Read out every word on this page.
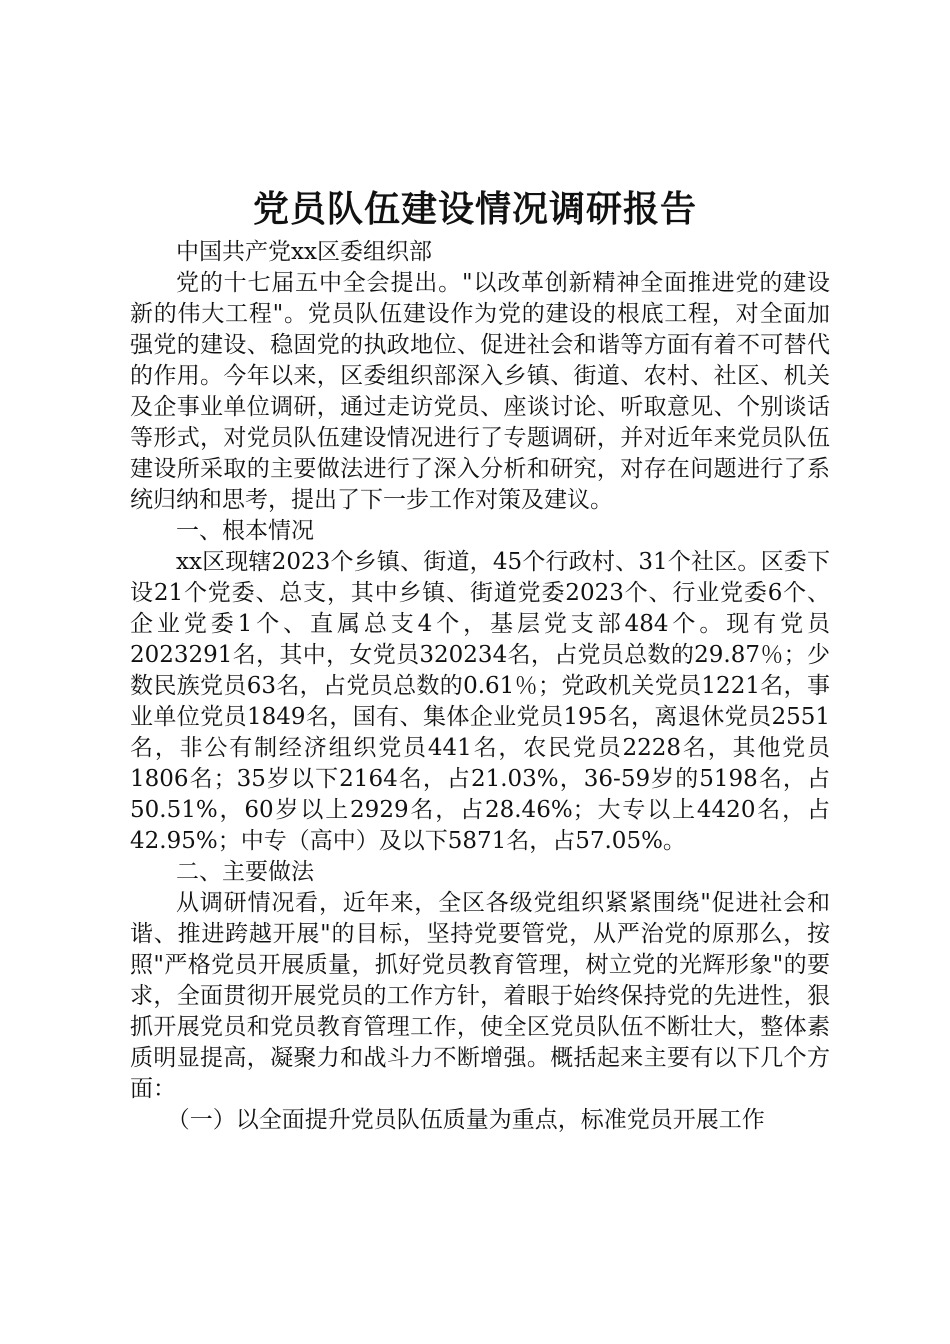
党员队伍建设情况调研报告

中国共产党xx区委组织部

党的十七届五中全会提出。"以改革创新精神全面推进党的建设新的伟大工程"。党员队伍建设作为党的建设的根底工程，对全面加强党的建设、稳固党的执政地位、促进社会和谐等方面有着不可替代的作用。今年以来，区委组织部深入乡镇、街道、农村、社区、机关及企事业单位调研，通过走访党员、座谈讨论、听取意见、个别谈话等形式，对党员队伍建设情况进行了专题调研，并对近年来党员队伍建设所采取的主要做法进行了深入分析和研究，对存在问题进行了系统归纳和思考，提出了下一步工作对策及建议。

一、根本情况

xx区现辖2023个乡镇、街道，45个行政村、31个社区。区委下设21个党委、总支，其中乡镇、街道党委2023个、行业党委6个、企业党委1个、直属总支4个，基层党支部484个。现有党员2023291名，其中，女党员320234名，占党员总数的29.87％；少数民族党员63名，占党员总数的0.61％；党政机关党员1221名，事业单位党员1849名，国有、集体企业党员195名，离退休党员2551名，非公有制经济组织党员441名，农民党员2228名，其他党员1806名；35岁以下2164名，占21.03%，36-59岁的5198名，占50.51%，60岁以上2929名，占28.46%；大专以上4420名，占42.95%；中专（高中）及以下5871名，占57.05%。

二、主要做法

从调研情况看，近年来，全区各级党组织紧紧围绕"促进社会和谐、推进跨越开展"的目标，坚持党要管党，从严治党的原那么，按照"严格党员开展质量，抓好党员教育管理，树立党的光辉形象"的要求，全面贯彻开展党员的工作方针，着眼于始终保持党的先进性，狠抓开展党员和党员教育管理工作，使全区党员队伍不断壮大，整体素质明显提高，凝聚力和战斗力不断增强。概括起来主要有以下几个方面：

（一）以全面提升党员队伍质量为重点，标准党员开展工作
